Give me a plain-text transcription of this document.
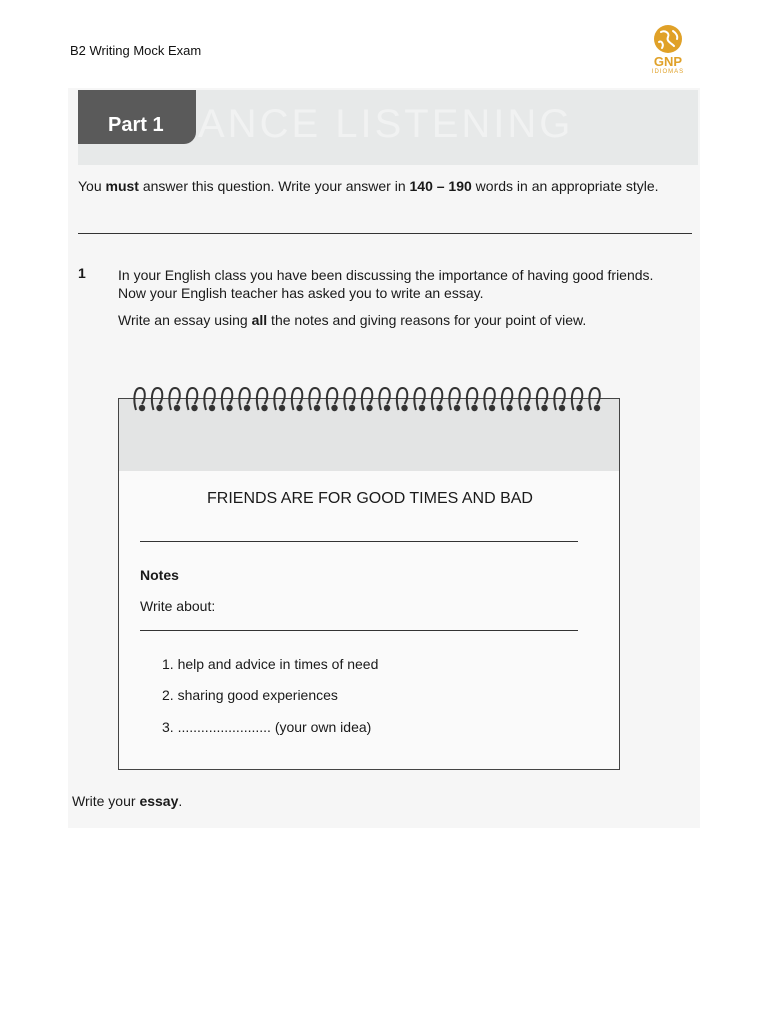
B2 Writing Mock Exam
GNP
IDIOMAS
ANCE LISTENING
Part 1
You must answer this question. Write your answer in 140 – 190 words in an appropriate style.
1 In your English class you have been discussing the importance of having good friends. Now your English teacher has asked you to write an essay.
Write an essay using all the notes and giving reasons for your point of view.
FRIENDS ARE FOR GOOD TIMES AND BAD
Notes
Write about:
1. help and advice in times of need
2. sharing good experiences
3. ........................ (your own idea)
Write your essay.
